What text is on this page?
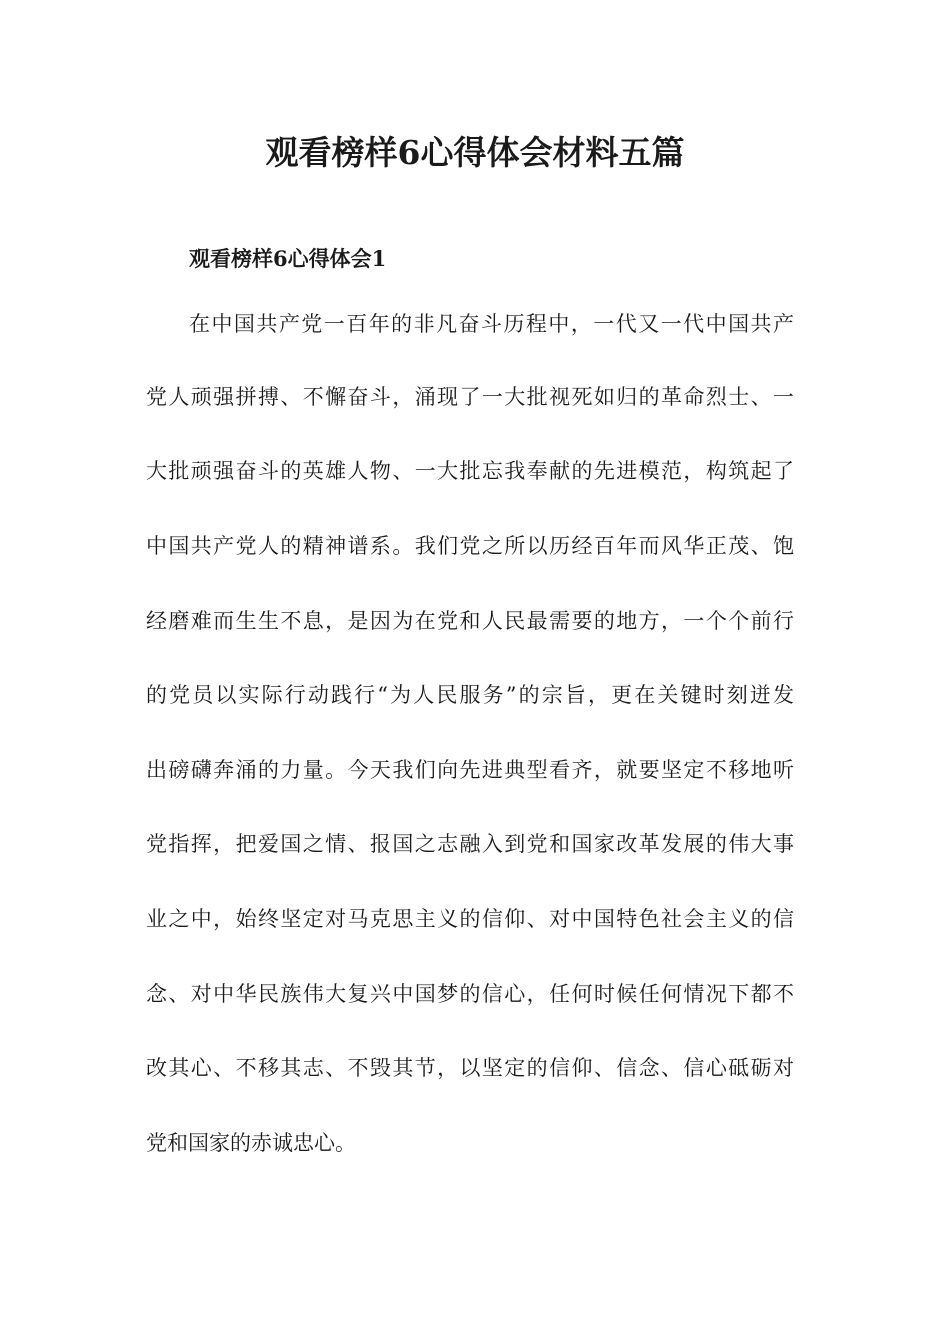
观看榜样6心得体会材料五篇
观看榜样6心得体会1
在中国共产党一百年的非凡奋斗历程中，一代又一代中国共产
党人顽强拼搏、不懈奋斗，涌现了一大批视死如归的革命烈士、一
大批顽强奋斗的英雄人物、一大批忘我奉献的先进模范，构筑起了
中国共产党人的精神谱系。我们党之所以历经百年而风华正茂、饱
经磨难而生生不息，是因为在党和人民最需要的地方，一个个前行
的党员以实际行动践行“为人民服务”的宗旨，更在关键时刻迸发
出磅礴奔涌的力量。今天我们向先进典型看齐，就要坚定不移地听
党指挥，把爱国之情、报国之志融入到党和国家改革发展的伟大事
业之中，始终坚定对马克思主义的信仰、对中国特色社会主义的信
念、对中华民族伟大复兴中国梦的信心，任何时候任何情况下都不
改其心、不移其志、不毁其节，以坚定的信仰、信念、信心砥砺对
党和国家的赤诚忠心。
